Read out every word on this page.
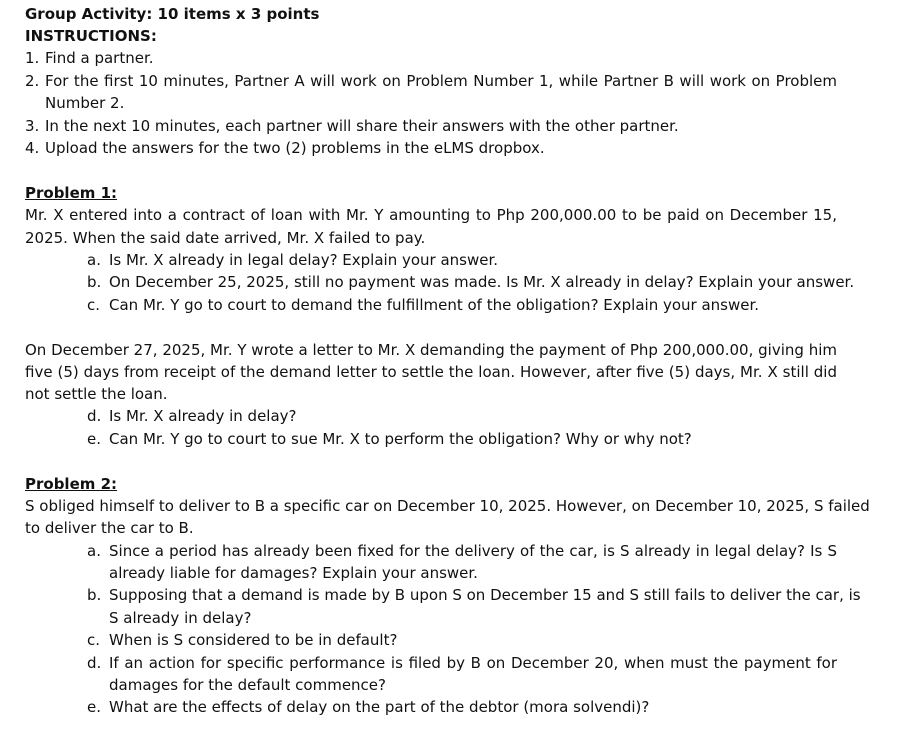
Group Activity: 10 items x 3 points
INSTRUCTIONS:
1. Find a partner.
2. For the first 10 minutes, Partner A will work on Problem Number 1, while Partner B will work on Problem
Number 2.
3. In the next 10 minutes, each partner will share their answers with the other partner.
4. Upload the answers for the two (2) problems in the eLMS dropbox.
Problem 1:
Mr. X entered into a contract of loan with Mr. Y amounting to Php 200,000.00 to be paid on December 15,
2025. When the said date arrived, Mr. X failed to pay.
a. Is Mr. X already in legal delay? Explain your answer.
b. On December 25, 2025, still no payment was made. Is Mr. X already in delay? Explain your answer.
c. Can Mr. Y go to court to demand the fulfillment of the obligation? Explain your answer.
On December 27, 2025, Mr. Y wrote a letter to Mr. X demanding the payment of Php 200,000.00, giving him
five (5) days from receipt of the demand letter to settle the loan. However, after five (5) days, Mr. X still did
not settle the loan.
d. Is Mr. X already in delay?
e. Can Mr. Y go to court to sue Mr. X to perform the obligation? Why or why not?
Problem 2:
S obliged himself to deliver to B a specific car on December 10, 2025. However, on December 10, 2025, S failed
to deliver the car to B.
a. Since a period has already been fixed for the delivery of the car, is S already in legal delay? Is S
already liable for damages? Explain your answer.
b. Supposing that a demand is made by B upon S on December 15 and S still fails to deliver the car, is
S already in delay?
c. When is S considered to be in default?
d. If an action for specific performance is filed by B on December 20, when must the payment for
damages for the default commence?
e. What are the effects of delay on the part of the debtor (mora solvendi)?
